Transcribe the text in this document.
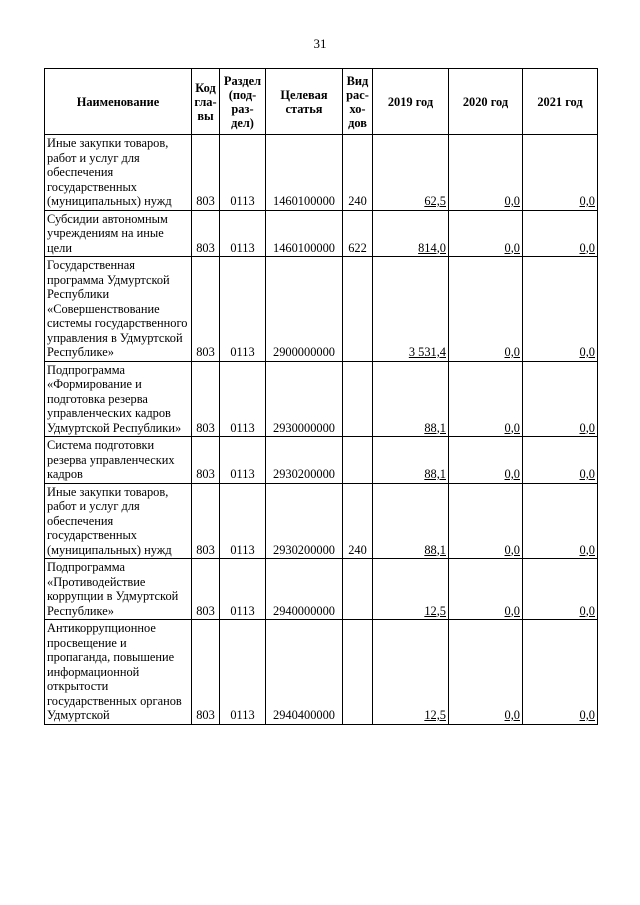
31
Наименование	Код гла-вы	Раздел (под-раз-дел)	Целевая статья	Вид рас-хо-дов	2019 год	2020 год	2021 год
Иные закупки товаров, работ и услуг для обеспечения государственных (муниципальных) нужд	803	0113	1460100000	240	62,5	0,0	0,0
Субсидии автономным учреждениям на иные цели	803	0113	1460100000	622	814,0	0,0	0,0
Государственная программа Удмуртской Республики «Совершенствование системы государственного управления в Удмуртской Республике»	803	0113	2900000000		3 531,4	0,0	0,0
Подпрограмма «Формирование и подготовка резерва управленческих кадров Удмуртской Республики»	803	0113	2930000000		88,1	0,0	0,0
Система подготовки резерва управленческих кадров	803	0113	2930200000		88,1	0,0	0,0
Иные закупки товаров, работ и услуг для обеспечения государственных (муниципальных) нужд	803	0113	2930200000	240	88,1	0,0	0,0
Подпрограмма «Противодействие коррупции в Удмуртской Республике»	803	0113	2940000000		12,5	0,0	0,0
Антикоррупционное просвещение и пропаганда, повышение информационной открытости государственных органов Удмуртской	803	0113	2940400000		12,5	0,0	0,0
